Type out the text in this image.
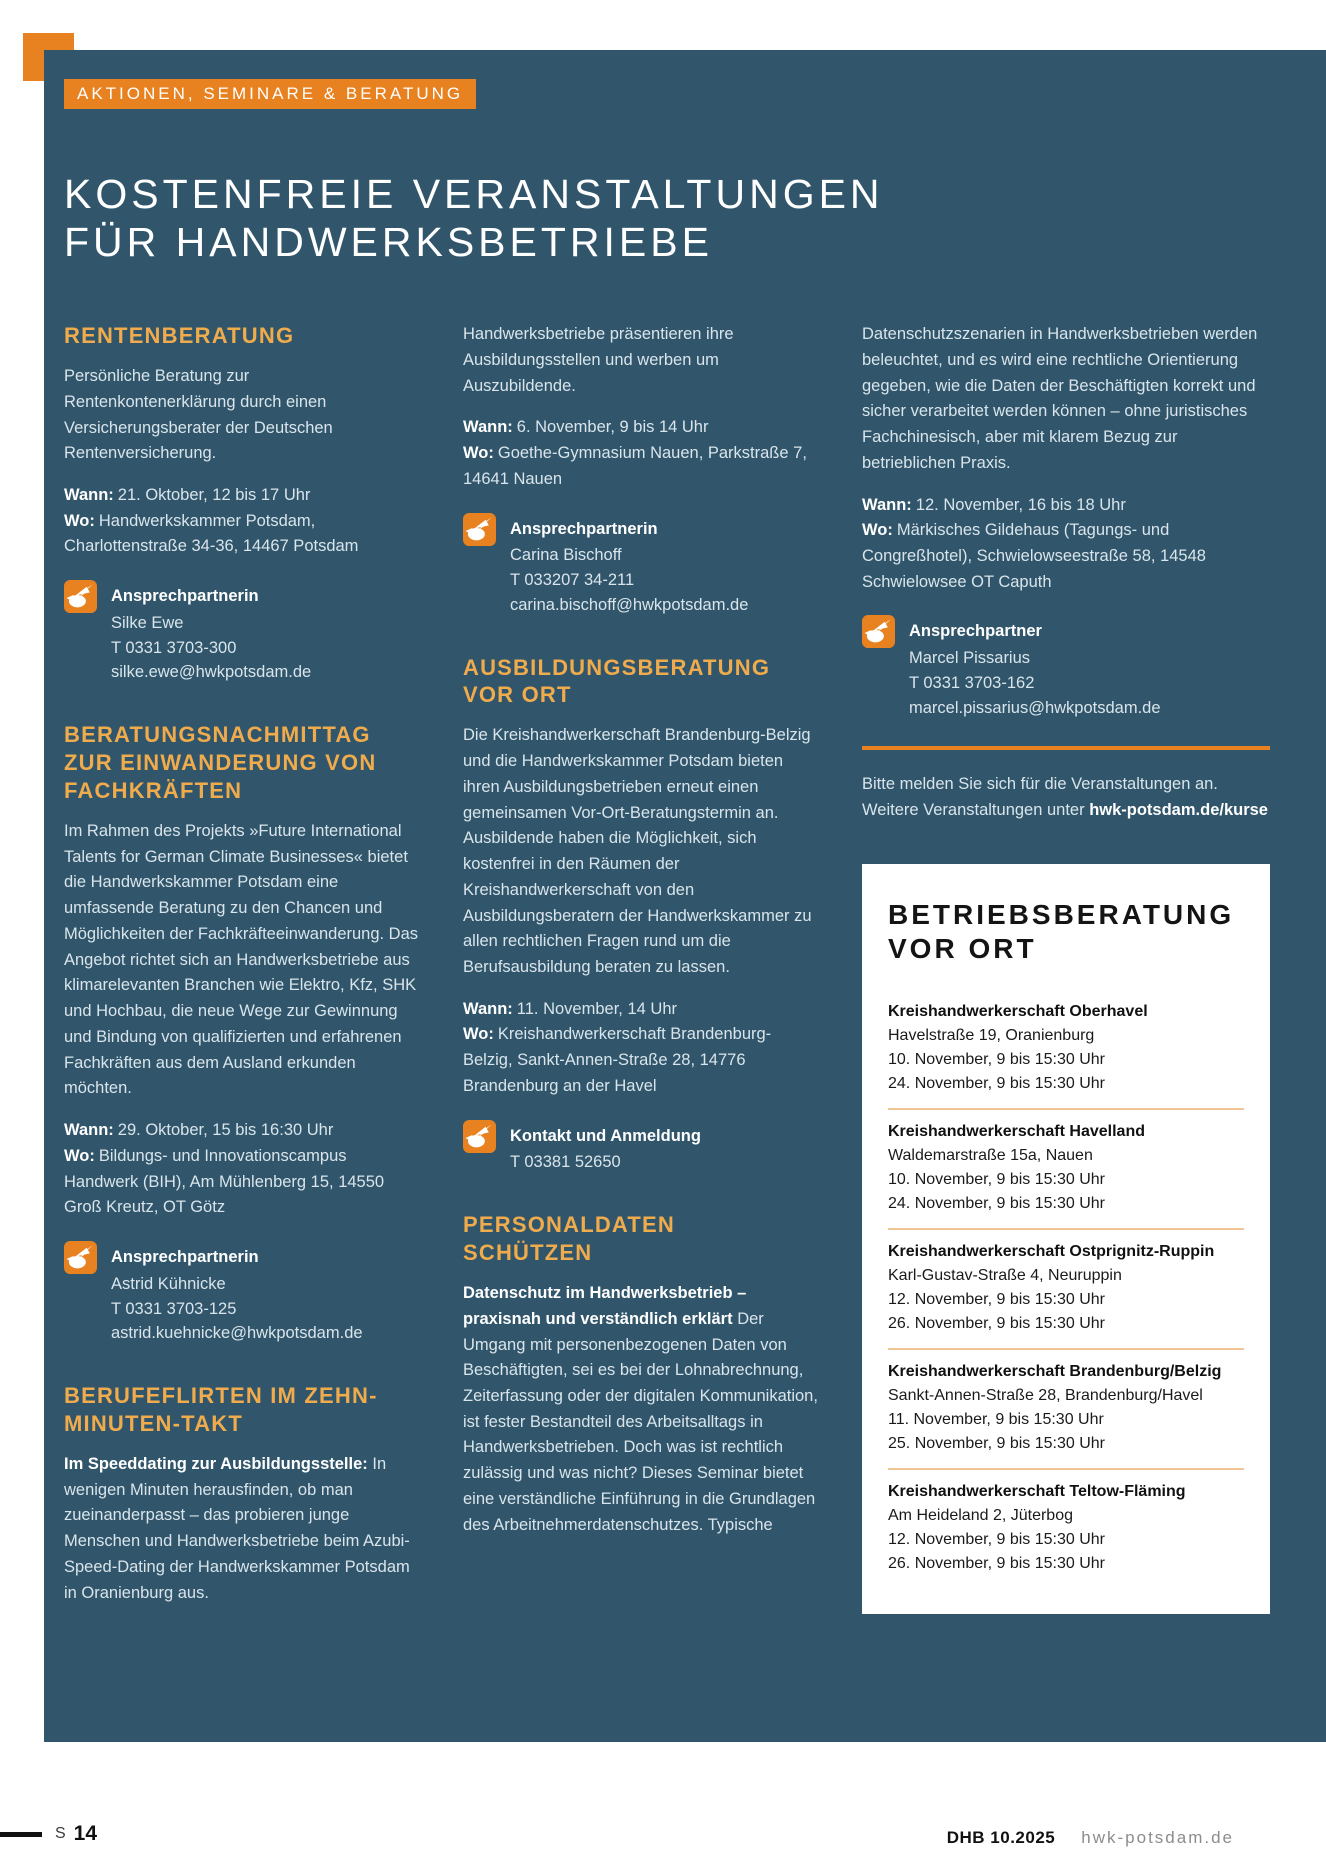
AKTIONEN, SEMINARE & BERATUNG
KOSTENFREIE VERANSTALTUNGEN
FÜR HANDWERKSBETRIEBE
RENTENBERATUNG

Persönliche Beratung zur Rentenkontenerklärung durch einen Versicherungsberater der Deutschen Rentenversicherung.

Wann: 21. Oktober, 12 bis 17 Uhr

Wo: Handwerkskammer Potsdam, Charlottenstraße 34-36, 14467 Potsdam

Ansprechpartnerin

Silke Ewe

T 0331 3703-300

silke.ewe@hwkpotsdam.de

BERATUNGSNACHMITTAG ZUR EINWANDERUNG VON FACHKRÄFTEN

Im Rahmen des Projekts »Future International Talents for German Climate Businesses« bietet die Handwerkskammer Potsdam eine umfassende Beratung zu den Chancen und Möglichkeiten der Fachkräfteeinwanderung. Das Angebot richtet sich an Handwerksbetriebe aus klimarelevanten Branchen wie Elektro, Kfz, SHK und Hochbau, die neue Wege zur Gewinnung und Bindung von qualifizierten und erfahrenen Fachkräften aus dem Ausland erkunden möchten.

Wann: 29. Oktober, 15 bis 16:30 Uhr

Wo: Bildungs- und Innovationscampus Handwerk (BIH), Am Mühlenberg 15, 14550 Groß Kreutz, OT Götz

Ansprechpartnerin

Astrid Kühnicke

T 0331 3703-125

astrid.kuehnicke@hwkpotsdam.de

BERUFEFLIRTEN IM ZEHN-MINUTEN-TAKT

Im Speeddating zur Ausbildungsstelle: In wenigen Minuten herausfinden, ob man zueinanderpasst – das probieren junge Menschen und Handwerksbetriebe beim Azubi-Speed-Dating der Handwerkskammer Potsdam in Oranienburg aus.

Handwerksbetriebe präsentieren ihre Ausbildungsstellen und werben um Auszubildende.

Wann: 6. November, 9 bis 14 Uhr

Wo: Goethe-Gymnasium Nauen, Parkstraße 7, 14641 Nauen

Ansprechpartnerin

Carina Bischoff

T 033207 34-211

carina.bischoff@hwkpotsdam.de

AUSBILDUNGSBERATUNG VOR ORT

Die Kreishandwerkerschaft Brandenburg-Belzig und die Handwerkskammer Potsdam bieten ihren Ausbildungsbetrieben erneut einen gemeinsamen Vor-Ort-Beratungstermin an. Ausbildende haben die Möglichkeit, sich kostenfrei in den Räumen der Kreishandwerkerschaft von den Ausbildungsberatern der Handwerkskammer zu allen rechtlichen Fragen rund um die Berufsausbildung beraten zu lassen.

Wann: 11. November, 14 Uhr

Wo: Kreishandwerkerschaft Brandenburg-Belzig, Sankt-Annen-Straße 28, 14776 Brandenburg an der Havel

Kontakt und Anmeldung

T 03381 52650

PERSONALDATEN SCHÜTZEN

Datenschutz im Handwerksbetrieb – praxisnah und verständlich erklärt Der Umgang mit personenbezogenen Daten von Beschäftigten, sei es bei der Lohnabrechnung, Zeiterfassung oder der digitalen Kommunikation, ist fester Bestandteil des Arbeitsalltags in Handwerksbetrieben. Doch was ist rechtlich zulässig und was nicht? Dieses Seminar bietet eine verständliche Einführung in die Grundlagen des Arbeitnehmerdatenschutzes. Typische

Datenschutzszenarien in Handwerksbetrieben werden beleuchtet, und es wird eine rechtliche Orientierung gegeben, wie die Daten der Beschäftigten korrekt und sicher verarbeitet werden können – ohne juristisches Fachchinesisch, aber mit klarem Bezug zur betrieblichen Praxis.

Wann: 12. November, 16 bis 18 Uhr

Wo: Märkisches Gildehaus (Tagungs- und Congreßhotel), Schwielowseestraße 58, 14548 Schwielowsee OT Caputh

Ansprechpartner

Marcel Pissarius

T 0331 3703-162

marcel.pissarius@hwkpotsdam.de

Bitte melden Sie sich für die Veranstaltungen an. Weitere Veranstaltungen unter hwk-potsdam.de/kurse

BETRIEBSBERATUNG VOR ORT

Kreishandwerkerschaft Oberhavel

Havelstraße 19, Oranienburg

10. November, 9 bis 15:30 Uhr

24. November, 9 bis 15:30 Uhr

Kreishandwerkerschaft Havelland

Waldemarstraße 15a, Nauen

10. November, 9 bis 15:30 Uhr

24. November, 9 bis 15:30 Uhr

Kreishandwerkerschaft Ostprignitz-Ruppin

Karl-Gustav-Straße 4, Neuruppin

12. November, 9 bis 15:30 Uhr

26. November, 9 bis 15:30 Uhr

Kreishandwerkerschaft Brandenburg/Belzig

Sankt-Annen-Straße 28, Brandenburg/Havel

11. November, 9 bis 15:30 Uhr

25. November, 9 bis 15:30 Uhr

Kreishandwerkerschaft Teltow-Fläming

Am Heideland 2, Jüterbog

12. November, 9 bis 15:30 Uhr

26. November, 9 bis 15:30 Uhr

S 14	DHB 10.2025 hwk-potsdam.de
